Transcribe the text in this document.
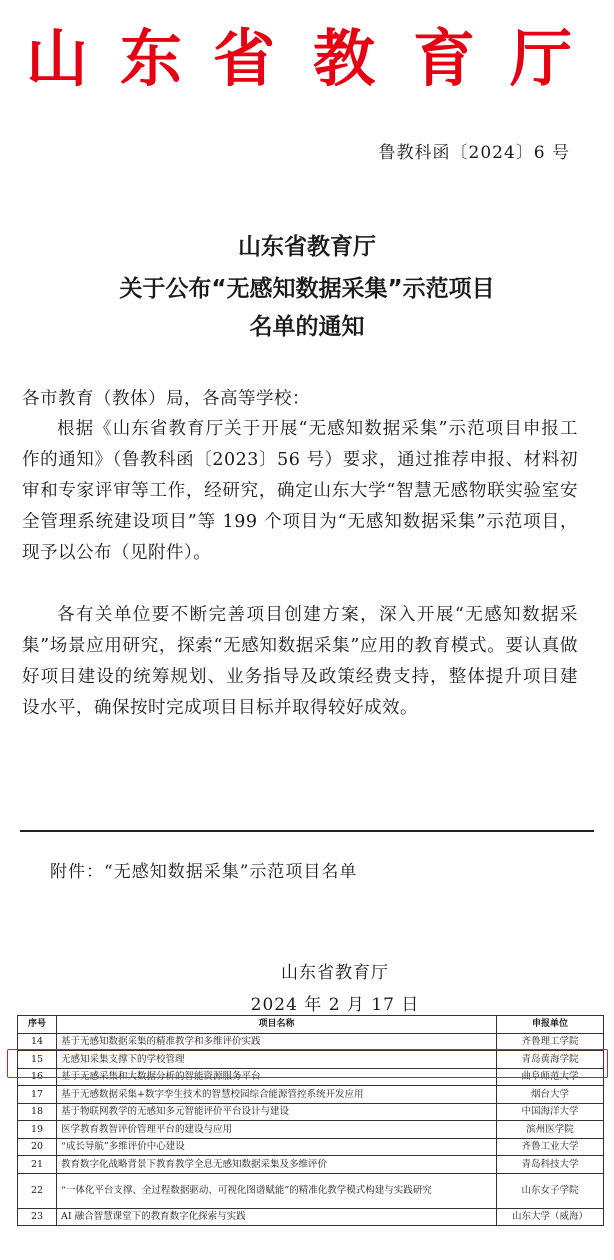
山 东 省 教 育 厅
鲁教科函〔2024〕6 号
山东省教育厅
关于公布“无感知数据采集”示范项目
名单的通知
各市教育（教体）局，各高等学校：
根据《山东省教育厅关于开展“无感知数据采集”示范项目申报工作的通知》（鲁教科函〔2023〕56 号）要求，通过推荐申报、材料初审和专家评审等工作，经研究，确定山东大学“智慧无感物联实验室安全管理系统建设项目”等 199 个项目为“无感知数据采集”示范项目，现予以公布（见附件）。
各有关单位要不断完善项目创建方案，深入开展“无感知数据采集”场景应用研究，探索“无感知数据采集”应用的教育模式。要认真做好项目建设的统筹规划、业务指导及政策经费支持，整体提升项目建设水平，确保按时完成项目目标并取得较好成效。
附件：“无感知数据采集”示范项目名单
山东省教育厅
2024 年 2 月 17 日
序号	项目名称	申报单位
14	基于无感知数据采集的精准教学和多维评价实践	齐鲁理工学院
15	无感知采集支撑下的学校管理	青岛黄海学院
16	基于无感采集和大数据分析的智能资源服务平台	曲阜师范大学
17	基于无感数据采集+数字孪生技术的智慧校园综合能源管控系统开发应用	烟台大学
18	基于物联网教学的无感知多元智能评价平台设计与建设	中国海洋大学
19	医学教育教智评价管理平台的建设与应用	滨州医学院
20	“成长导航”多维评价中心建设	齐鲁工业大学
21	教育数字化战略背景下教育教学全息无感知数据采集及多维评价	青岛科技大学
22	“一体化平台支撑、全过程数据驱动、可视化图谱赋能”的精准化教学模式构建与实践研究	山东女子学院
23	AI 融合智慧课堂下的教育数字化探索与实践	山东大学（威海）
